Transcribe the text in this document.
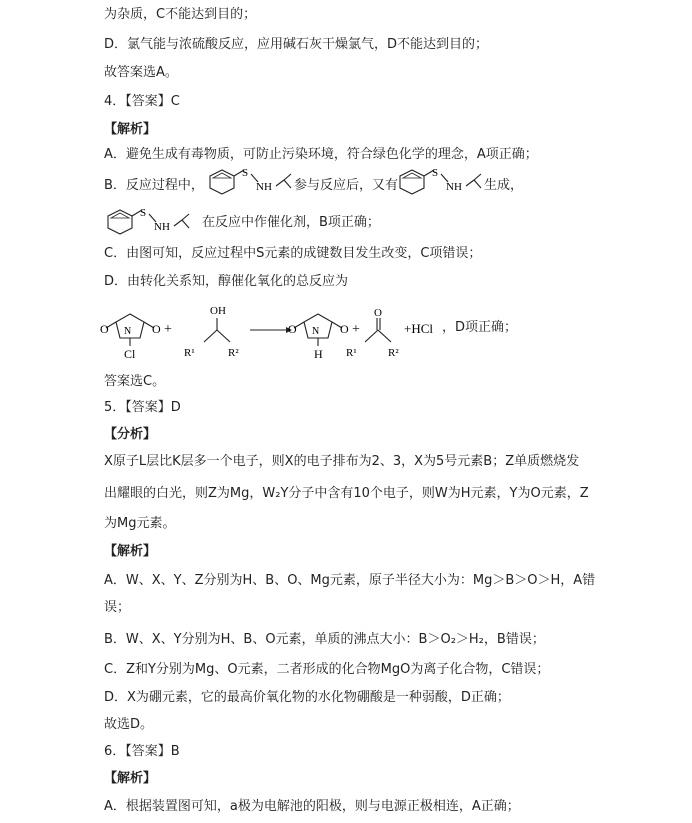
为杂质，C不能达到目的；
D．氯气能与浓硫酸反应，应用碱石灰干燥氯气，D不能达到目的；
故答案选A。
4．【答案】C
【解析】
A．避免生成有毒物质，可防止污染环境，符合绿色化学的理念，A项正确；
B．反应过程中，
S
NH 参与反应后，又有
S
NH 生成，
S
NH 在反应中作催化剂，B项正确；
C．由图可知，反应过程中S元素的成键数目发生改变，C项错误；
D．由转化关系知，醇催化氧化的总反应为
O	O
N
Cl
+
OH
R¹	R²
O	O
N
H
+
O
R¹	R²
+HCl ，D项正确；
答案选C。
5．【答案】D
【分析】
X原子L层比K层多一个电子，则X的电子排布为2、3，X为5号元素B；Z单质燃烧发
出耀眼的白光，则Z为Mg，W₂Y分子中含有10个电子，则W为H元素，Y为O元素，Z
为Mg元素。
【解析】
A．W、X、Y、Z分别为H、B、O、Mg元素，原子半径大小为：Mg＞B＞O＞H，A错
误；
B．W、X、Y分别为H、B、O元素，单质的沸点大小：B＞O₂＞H₂，B错误；
C．Z和Y分别为Mg、O元素，二者形成的化合物MgO为离子化合物，C错误；
D．X为硼元素，它的最高价氧化物的水化物硼酸是一种弱酸，D正确；
故选D。
6．【答案】B
【解析】
A．根据装置图可知，a极为电解池的阳极，则与电源正极相连，A正确；
